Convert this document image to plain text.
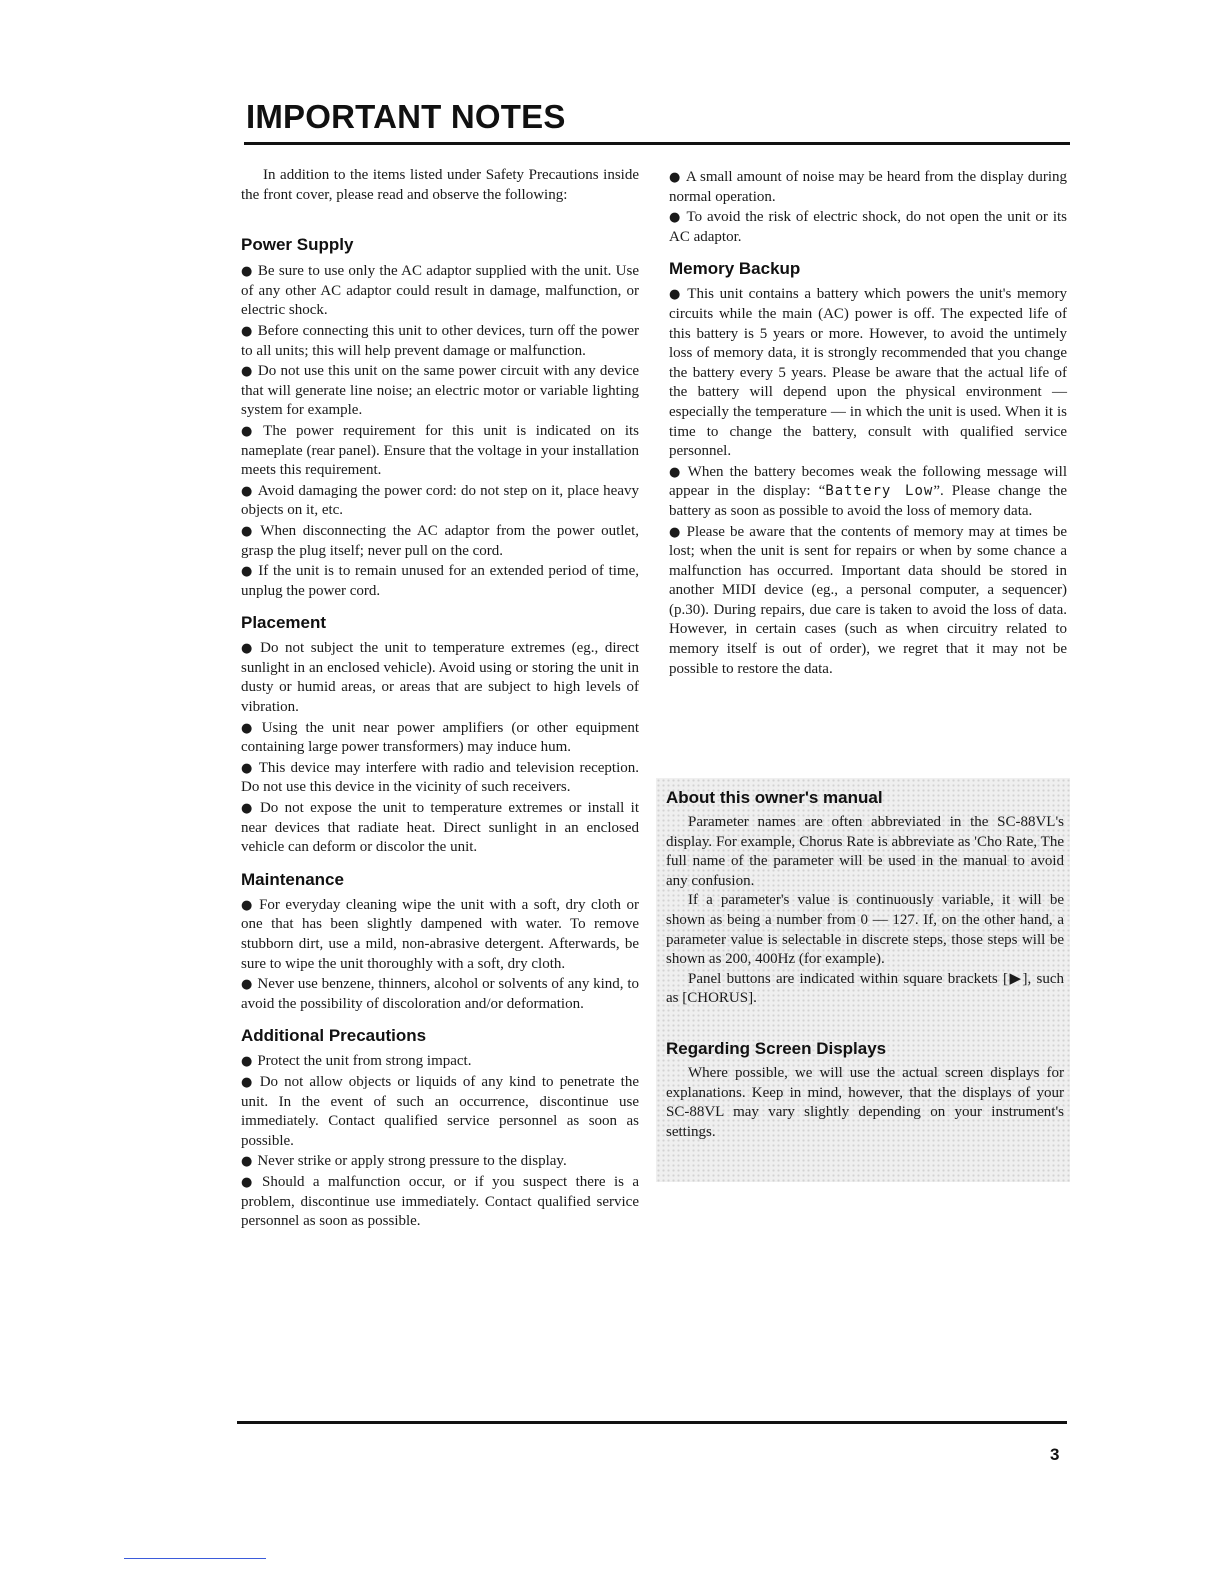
IMPORTANT NOTES

In addition to the items listed under Safety Precautions inside the front cover, please read and observe the following:

Power Supply

● Be sure to use only the AC adaptor supplied with the unit. Use of any other AC adaptor could result in damage, malfunction, or electric shock.

● Before connecting this unit to other devices, turn off the power to all units; this will help prevent damage or malfunction.

● Do not use this unit on the same power circuit with any device that will generate line noise; an electric motor or variable lighting system for example.

● The power requirement for this unit is indicated on its nameplate (rear panel). Ensure that the voltage in your installation meets this requirement.

● Avoid damaging the power cord: do not step on it, place heavy objects on it, etc.

● When disconnecting the AC adaptor from the power outlet, grasp the plug itself; never pull on the cord.

● If the unit is to remain unused for an extended period of time, unplug the power cord.

Placement

● Do not subject the unit to temperature extremes (eg., direct sunlight in an enclosed vehicle). Avoid using or storing the unit in dusty or humid areas, or areas that are subject to high levels of vibration.

● Using the unit near power amplifiers (or other equipment containing large power transformers) may induce hum.

● This device may interfere with radio and television reception. Do not use this device in the vicinity of such receivers.

● Do not expose the unit to temperature extremes or install it near devices that radiate heat. Direct sunlight in an enclosed vehicle can deform or discolor the unit.

Maintenance

● For everyday cleaning wipe the unit with a soft, dry cloth or one that has been slightly dampened with water. To remove stubborn dirt, use a mild, non-abrasive detergent. Afterwards, be sure to wipe the unit thoroughly with a soft, dry cloth.

● Never use benzene, thinners, alcohol or solvents of any kind, to avoid the possibility of discoloration and/or deformation.

Additional Precautions

● Protect the unit from strong impact.

● Do not allow objects or liquids of any kind to penetrate the unit. In the event of such an occurrence, discontinue use immediately. Contact qualified service personnel as soon as possible.

● Never strike or apply strong pressure to the display.

● Should a malfunction occur, or if you suspect there is a problem, discontinue use immediately. Contact qualified service personnel as soon as possible.

● A small amount of noise may be heard from the display during normal operation.

● To avoid the risk of electric shock, do not open the unit or its AC adaptor.

Memory Backup

● This unit contains a battery which powers the unit's memory circuits while the main (AC) power is off. The expected life of this battery is 5 years or more. However, to avoid the untimely loss of memory data, it is strongly recommended that you change the battery every 5 years. Please be aware that the actual life of the battery will depend upon the physical environment — especially the temperature — in which the unit is used. When it is time to change the battery, consult with qualified service personnel.

● When the battery becomes weak the following message will appear in the display: “Battery Low”. Please change the battery as soon as possible to avoid the loss of memory data.

● Please be aware that the contents of memory may at times be lost; when the unit is sent for repairs or when by some chance a malfunction has occurred. Important data should be stored in another MIDI device (eg., a personal computer, a sequencer)(p.30). During repairs, due care is taken to avoid the loss of data. However, in certain cases (such as when circuitry related to memory itself is out of order), we regret that it may not be possible to restore the data.

About this owner's manual

Parameter names are often abbreviated in the SC-88VL's display. For example, Chorus Rate is abbreviate as 'Cho Rate, The full name of the parameter will be used in the manual to avoid any confusion.

If a parameter's value is continuously variable, it will be shown as being a number from 0 — 127. If, on the other hand, a parameter value is selectable in discrete steps, those steps will be shown as 200, 400Hz (for example).

Panel buttons are indicated within square brackets [▶], such as [CHORUS].

Regarding Screen Displays

Where possible, we will use the actual screen displays for explanations. Keep in mind, however, that the displays of your SC-88VL may vary slightly depending on your instrument's settings.

3
